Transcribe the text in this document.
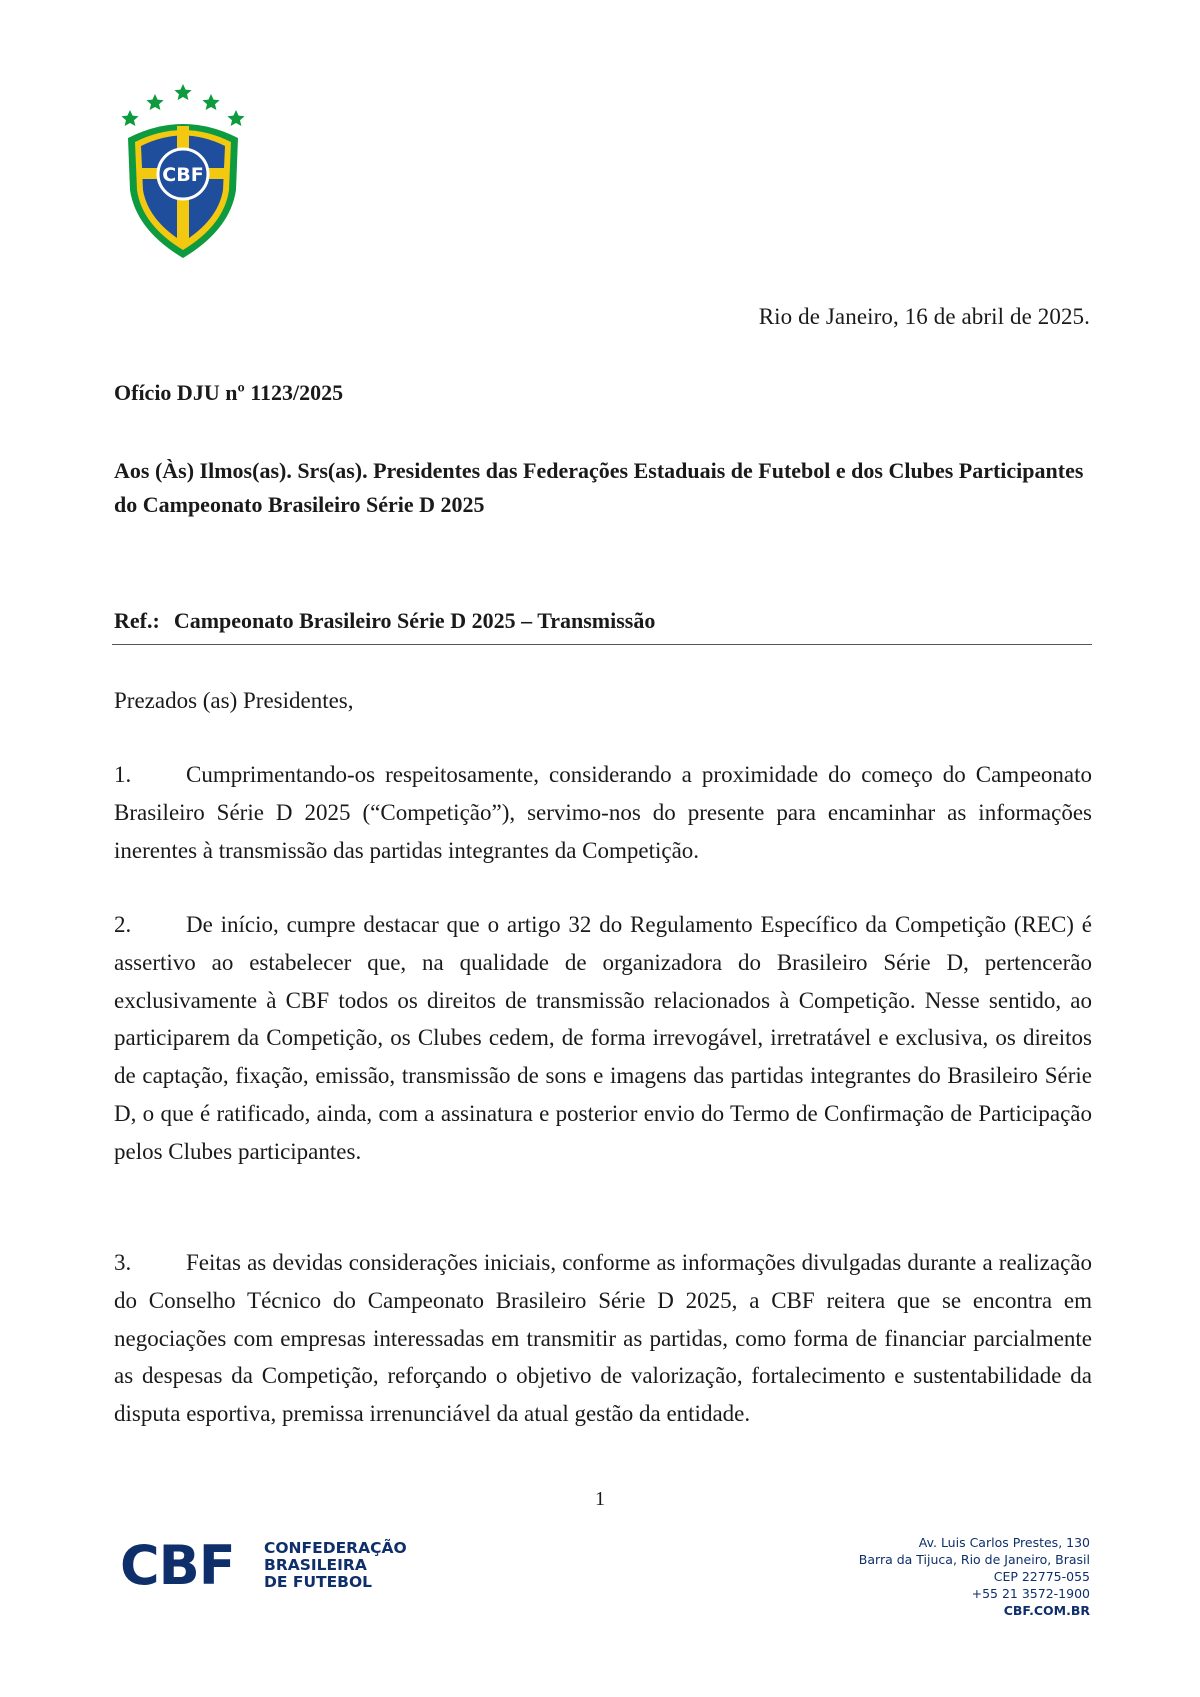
CBF
Rio de Janeiro, 16 de abril de 2025.
Ofício DJU nº 1123/2025
Aos (Às) Ilmos(as). Srs(as). Presidentes das Federações Estaduais de Futebol e dos Clubes Participantes do Campeonato Brasileiro Série D 2025
Ref.: Campeonato Brasileiro Série D 2025 – Transmissão
Prezados (as) Presidentes,
1. Cumprimentando-os respeitosamente, considerando a proximidade do começo do Campeonato Brasileiro Série D 2025 (“Competição”), servimo-nos do presente para encaminhar as informações inerentes à transmissão das partidas integrantes da Competição.
2. De início, cumpre destacar que o artigo 32 do Regulamento Específico da Competição (REC) é assertivo ao estabelecer que, na qualidade de organizadora do Brasileiro Série D, pertencerão exclusivamente à CBF todos os direitos de transmissão relacionados à Competição. Nesse sentido, ao participarem da Competição, os Clubes cedem, de forma irrevogável, irretratável e exclusiva, os direitos de captação, fixação, emissão, transmissão de sons e imagens das partidas integrantes do Brasileiro Série D, o que é ratificado, ainda, com a assinatura e posterior envio do Termo de Confirmação de Participação pelos Clubes participantes.
3. Feitas as devidas considerações iniciais, conforme as informações divulgadas durante a realização do Conselho Técnico do Campeonato Brasileiro Série D 2025, a CBF reitera que se encontra em negociações com empresas interessadas em transmitir as partidas, como forma de financiar parcialmente as despesas da Competição, reforçando o objetivo de valorização, fortalecimento e sustentabilidade da disputa esportiva, premissa irrenunciável da atual gestão da entidade.
1
CBF CONFEDERAÇÃO
BRASILEIRA
DE FUTEBOL
Av. Luis Carlos Prestes, 130
Barra da Tijuca, Rio de Janeiro, Brasil
CEP 22775-055
+55 21 3572-1900
CBF.COM.BR
